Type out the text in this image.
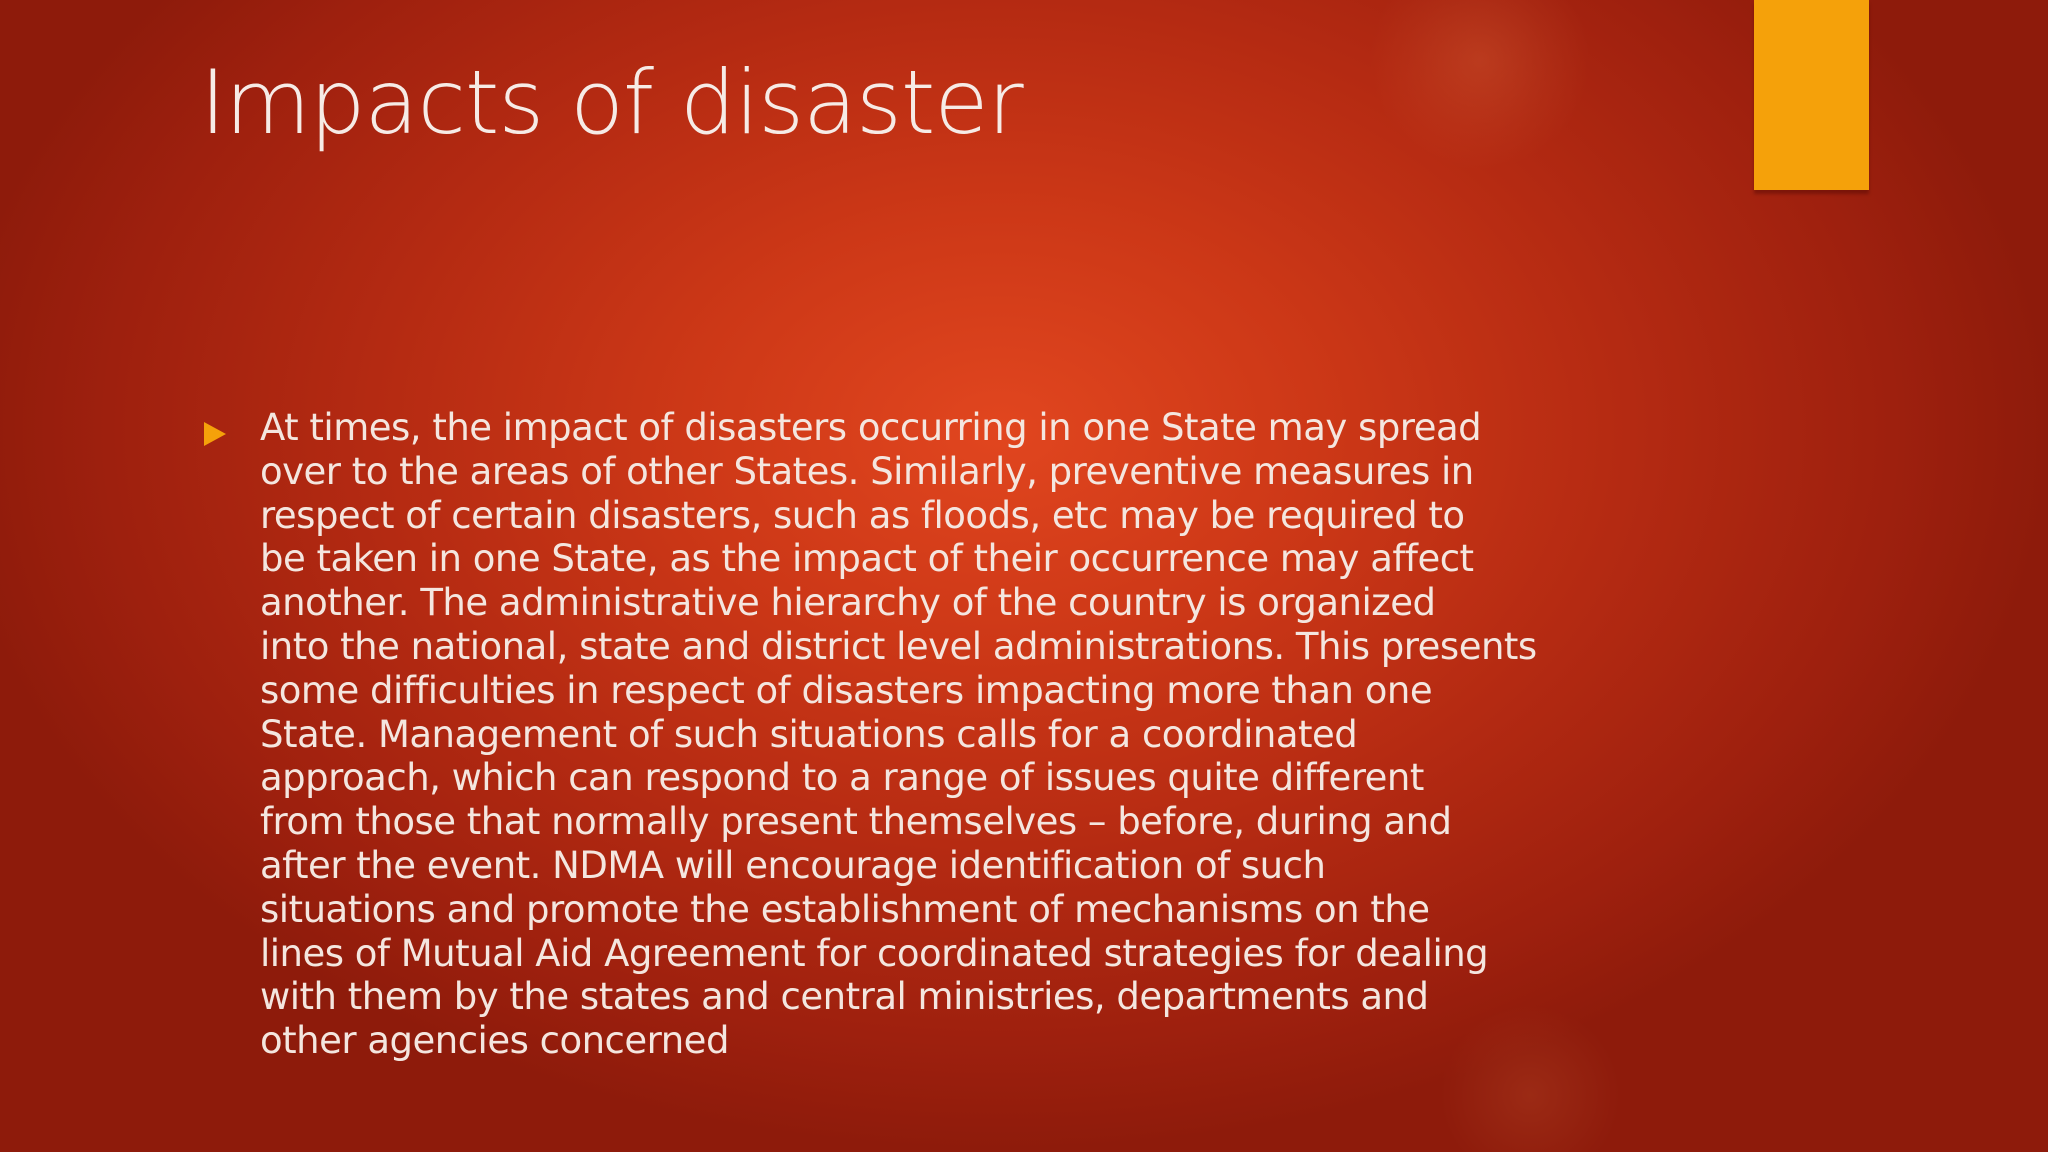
Impacts of disaster

At times, the impact of disasters occurring in one State may spread
over to the areas of other States. Similarly, preventive measures in
respect of certain disasters, such as floods, etc may be required to
be taken in one State, as the impact of their occurrence may affect
another. The administrative hierarchy of the country is organized
into the national, state and district level administrations. This presents
some difficulties in respect of disasters impacting more than one
State. Management of such situations calls for a coordinated
approach, which can respond to a range of issues quite different
from those that normally present themselves – before, during and
after the event. NDMA will encourage identification of such
situations and promote the establishment of mechanisms on the
lines of Mutual Aid Agreement for coordinated strategies for dealing
with them by the states and central ministries, departments and
other agencies concerned
